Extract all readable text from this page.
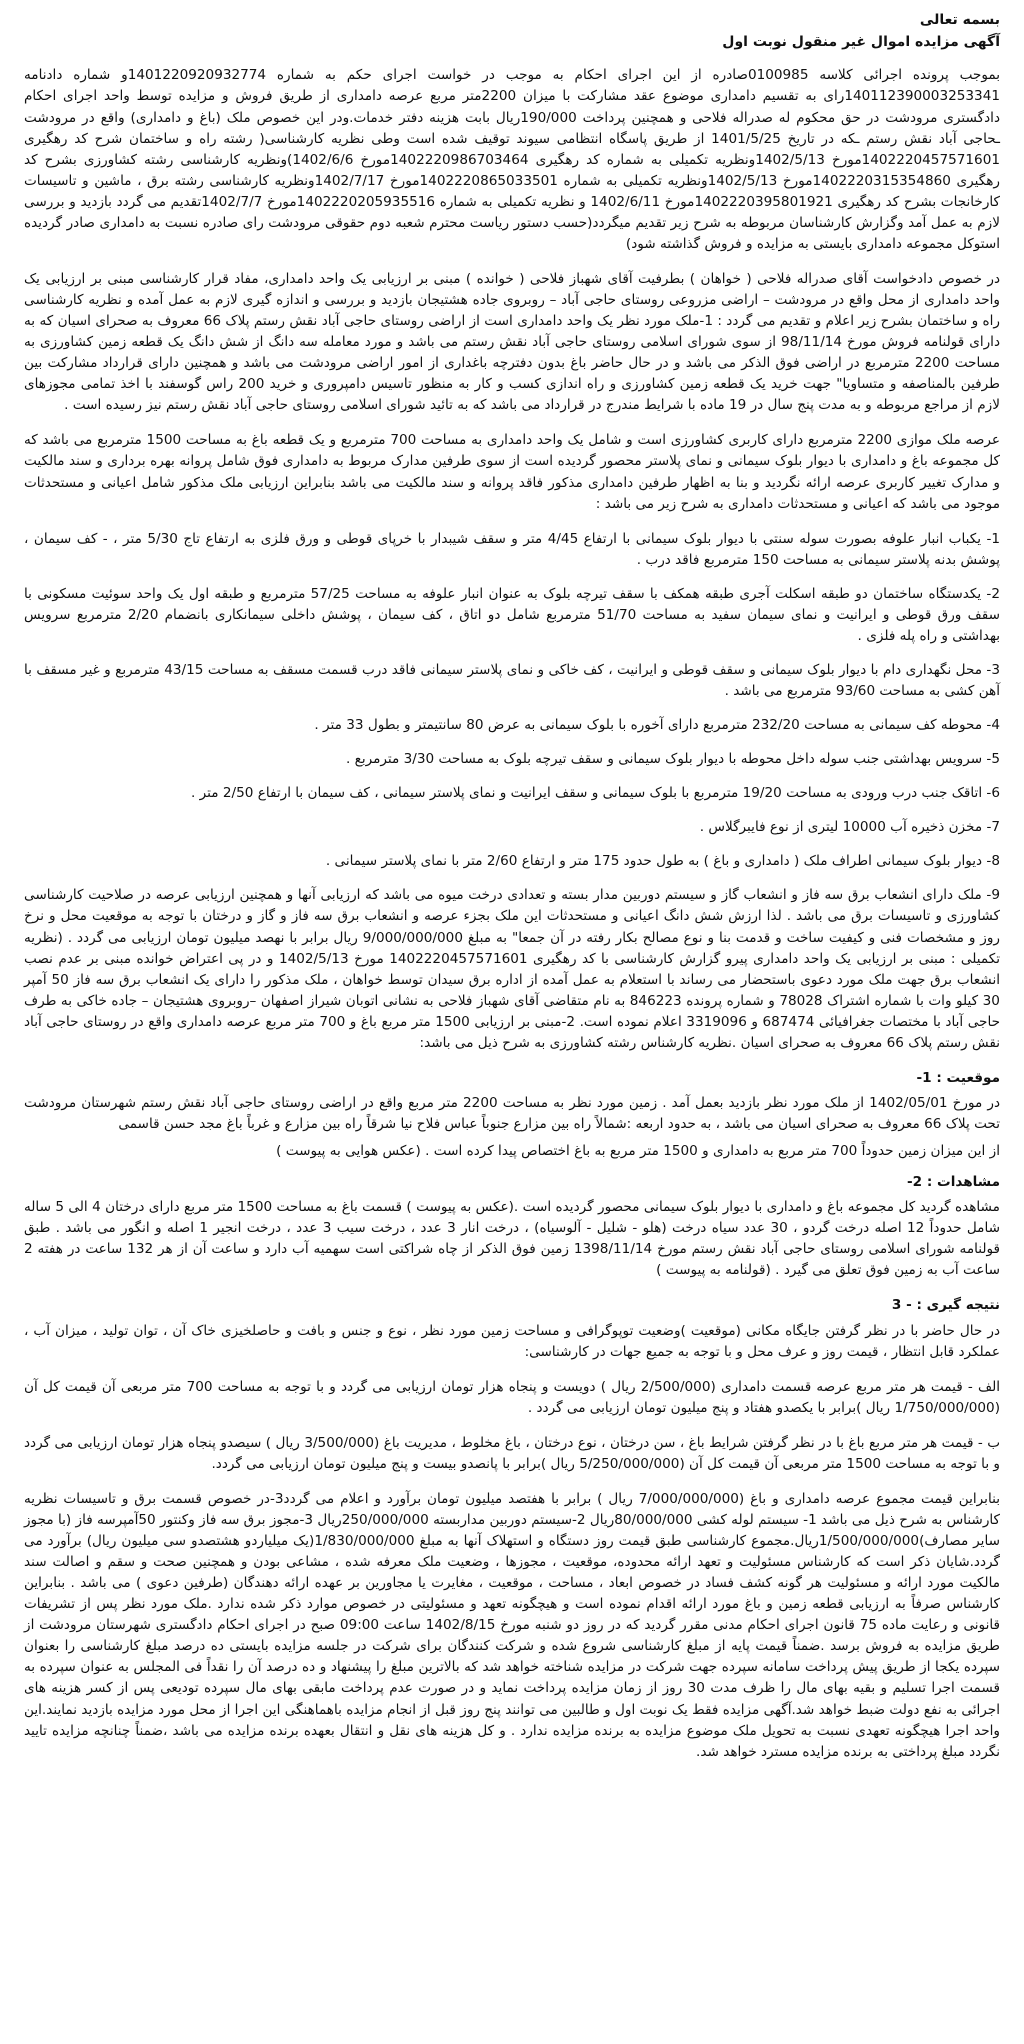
بسمه تعالی

آگهی مزایده اموال غیر منقول نوبت اول

بموجب پرونده اجرائی کلاسه 0100985صادره از این اجرای احکام به موجب در خواست اجرای حکم به شماره 140122092093277‌4و شماره دادنامه 140112390003253341رای به تقسیم دامداری موضوع عقد مشارکت با میزان 2200متر مربع عرصه دامداری از طریق فروش و مزایده توسط واحد اجرای احکام دادگستری مرودشت در حق محکوم له صدراله فلاحی و همچنین پرداخت 190/000ریال بابت هزینه دفتر خدمات.ودر این خصوص ملک (باغ و دامداری) واقع در مرودشت ـحاجی آباد نقش رستم ـکه در تاریخ 1401/5/25 از طریق پاسگاه انتظامی سیوند توقیف شده است وطی نظریه کارشناسی( رشته راه و ساختمان شرح کد رهگیری 1402220457571601مورخ 1402/5/13ونظریه تکمیلی به شماره کد رهگیری 1402220986703464مورخ 1402/6/6)ونظریه کارشناسی رشته کشاورزی بشرح کد رهگیری 1402220315354860مورخ 1402/5/13ونظریه تکمیلی به شماره 1402220865033501مورخ 1402/7/17ونظریه کارشناسی رشته برق ، ماشین و تاسیسات کارخانجات بشرح کد رهگیری 1402220395801921مورخ 1402/6/11 و نظریه تکمیلی به شماره 1402220205935516مورخ 1402/7/7تقدیم می گردد بازدید و بررسی لازم به عمل آمد وگزارش کارشناسان مربوطه به شرح زیر تقدیم میگردد(حسب دستور ریاست محترم شعبه دوم حقوقی مرودشت رای صادره نسبت به دامداری صادر گردیده استوکل مجموعه دامداری بایستی به مزایده و فروش گذاشته شود)

در خصوص دادخواست آقای صدراله فلاحی ( خواهان ) بطرفیت آقای شهباز فلاحی ( خوانده ) مبنی بر ارزیابی یک واحد دامداری، مفاد قرار کارشناسی مبنی بر ارزیابی یک واحد دامداری از محل واقع در مرودشت – اراضی مزروعی روستای حاجی آباد – روبروی جاده هشتیجان بازدید و بررسی و اندازه گیری لازم به عمل آمده و نظریه کارشناسی راه و ساختمان بشرح زیر اعلام و تقدیم می گردد : 1-ملک مورد نظر یک واحد دامداری است از اراضی روستای حاجی آباد نقش رستم پلاک 66 معروف به صحرای اسیان که به دارای قولنامه فروش مورخ 98/11/14 از سوی شورای اسلامی روستای حاجی آباد نقش رستم می باشد و مورد معامله سه دانگ از شش دانگ یک قطعه زمین کشاورزی به مساحت 2200 مترمربع در اراضی فوق الذکر می باشد و در حال حاضر باغ بدون دفترچه باغداری از امور اراضی مرودشت می باشد و همچنین دارای قرارداد مشارکت بین طرفین بالمناصفه و متساویا" جهت خرید یک قطعه زمین کشاورزی و راه اندازی کسب و کار به منظور تاسیس دامپروری و خرید 200 راس گوسفند با اخذ تمامی مجوزهای لازم از مراجع مربوطه و به مدت پنج سال در 19 ماده با شرایط مندرج در قرارداد می باشد که به تائید شورای اسلامی روستای حاجی آباد نقش رستم نیز رسیده است .

عرصه ملک موازی 2200 مترمربع دارای کاربری کشاورزی است و شامل یک واحد دامداری به مساحت 700 مترمربع و یک قطعه باغ به مساحت 1500 مترمربع می باشد که کل مجموعه باغ و دامداری با دیوار بلوک سیمانی و نمای پلاستر محصور گردیده است از سوی طرفین مدارک مربوط به دامداری فوق شامل پروانه بهره برداری و سند مالکیت و مدارک تغییر کاربری عرصه ارائه نگردید و بنا به اظهار طرفین دامداری مذکور فاقد پروانه و سند مالکیت می باشد بنابراین ارزیابی ملک مذکور شامل اعیانی و مستحدثات موجود می باشد که اعیانی و مستحدثات دامداری به شرح زیر می باشد :

1- یکباب انبار علوفه بصورت سوله سنتی با دیوار بلوک سیمانی با ارتفاع 4/45 متر و سقف شیبدار با خرپای قوطی و ورق فلزی به ارتفاع تاج 5/30 متر ، - کف سیمان ، پوشش بدنه پلاستر سیمانی به مساحت 150 مترمربع فاقد درب .

2- یکدستگاه ساختمان دو طبقه اسکلت آجری طبقه همکف با سقف تیرچه بلوک به عنوان انبار علوفه به مساحت 57/25 مترمربع و طبقه اول یک واحد سوئیت مسکونی با سقف ورق قوطی و ایرانیت و نمای سیمان سفید به مساحت 51/70 مترمربع شامل دو اتاق ، کف سیمان ، پوشش داخلی سیمانکاری بانضمام 2/20 مترمربع سرویس بهداشتی و راه پله فلزی .

3- محل نگهداری دام با دیوار بلوک سیمانی و سقف قوطی و ایرانیت ، کف خاکی و نمای پلاستر سیمانی فاقد درب قسمت مسقف به مساحت 43/15 مترمربع و غیر مسقف با آهن کشی به مساحت 93/60 مترمربع می باشد .

4- محوطه کف سیمانی به مساحت 232/20 مترمربع دارای آخوره با بلوک سیمانی به عرض 80 سانتیمتر و بطول 33 متر .

5- سرویس بهداشتی جنب سوله داخل محوطه با دیوار بلوک سیمانی و سقف تیرچه بلوک به مساحت 3/30 مترمربع .

6- اتاقک جنب درب ورودی به مساحت 19/20 مترمربع با بلوک سیمانی و سقف ایرانیت و نمای پلاستر سیمانی ، کف سیمان با ارتفاع 2/50 متر .

7- مخزن ذخیره آب 10000 لیتری از نوع فایبرگلاس .

8- دیوار بلوک سیمانی اطراف ملک ( دامداری و باغ ) به طول حدود 175 متر و ارتفاع 2/60 متر با نمای پلاستر سیمانی .

9- ملک دارای انشعاب برق سه فاز و انشعاب گاز و سیستم دوربین مدار بسته و تعدادی درخت میوه می باشد که ارزیابی آنها و همچنین ارزیابی عرصه در صلاحیت کارشناسی کشاورزی و تاسیسات برق می باشد . لذا ارزش شش دانگ اعیانی و مستحدثات این ملک بجزء عرصه و انشعاب برق سه فاز و گاز و درختان با توجه به موقعیت محل و نرخ روز و مشخصات فنی و کیفیت ساخت و قدمت بنا و نوع مصالح بکار رفته در آن جمعا" به مبلغ 9/000/000/000 ریال برابر با نهصد میلیون تومان ارزیابی می گردد . (نظریه تکمیلی : مبنی بر ارزیابی یک واحد دامداری پیرو گزارش کارشناسی با کد رهگیری 1402220457571601 مورخ 1402/5/13 و در پی اعتراض خوانده مبنی بر عدم نصب انشعاب برق جهت ملک مورد دعوی باستحضار می رساند با استعلام به عمل آمده از اداره برق سیدان توسط خواهان ، ملک مذکور را دارای یک انشعاب برق سه فاز 50 آمپر 30 کیلو وات با شماره اشتراک 78028 و شماره پرونده 846223 به نام متقاضی آقای شهباز فلاحی به نشانی اتوبان شیراز اصفهان –روبروی هشتیجان – جاده خاکی به طرف حاجی آباد با مختصات جغرافیائی 687474 و 3319096 اعلام نموده است. 2-مبنی بر ارزیابی 1500 متر مربع باغ و 700 متر مربع عرصه دامداری واقع در روستای حاجی آباد نقش رستم پلاک 66 معروف به صحرای اسیان .نظریه کارشناس رشته کشاورزی به شرح ذیل می باشد:

موقعیت : 1-

در مورخ 1402/05/01 از ملک مورد نظر بازدید بعمل آمد . زمین مورد نظر به مساحت 2200 متر مربع واقع در اراضی روستای حاجی آباد نقش رستم شهرستان مرودشت تحت پلاک 66 معروف به صحرای اسیان می باشد ، به حدود اربعه :شمالاً راه بین مزارع جنوباً عباس فلاح نیا شرقاً راه بین مزارع و غرباً باغ مجد حسن قاسمی

از این میزان زمین حدوداً 700 متر مربع به دامداری و 1500 متر مربع به باغ اختصاص پیدا کرده است . (عکس هوایی به پیوست )

مشاهدات : 2-

مشاهده گردید کل مجموعه باغ و دامداری با دیوار بلوک سیمانی محصور گردیده است .(عکس به پیوست ) قسمت باغ به مساحت 1500 متر مربع دارای درختان 4 الی 5 ساله شامل حدوداً 12 اصله درخت گردو ، 30 عدد سیاه درخت (هلو - شلیل - آلوسیاه) ، درخت انار 3 عدد ، درخت سیب 3 عدد ، درخت انجیر 1 اصله و انگور می باشد . طبق قولنامه شورای اسلامی روستای حاجی آباد نقش رستم مورخ 1398/11/14 زمین فوق الذکر از چاه شراکتی است سهمیه آب دارد و ساعت آن از هر 132 ساعت در هفته 2 ساعت آب به زمین فوق تعلق می گیرد . (قولنامه به پیوست )

نتیجه گیری : - 3

در حال حاضر با در نظر گرفتن جایگاه مکانی (موقعیت )وضعیت توپوگرافی و مساحت زمین مورد نظر ، نوع و جنس و بافت و حاصلخیزی خاک آن ، توان تولید ، میزان آب ، عملکرد قابل انتظار ، قیمت روز و عرف محل و با توجه به جمیع جهات در کارشناسی:

الف - قیمت هر متر مربع عرصه قسمت دامداری (2/500/000 ریال ) دویست و پنجاه هزار تومان ارزیابی می گردد و با توجه به مساحت 700 متر مربعی آن قیمت کل آن (1/750/000/000 ریال )برابر با یکصدو هفتاد و پنج میلیون تومان ارزیابی می گردد .

ب - قیمت هر متر مربع باغ با در نظر گرفتن شرایط باغ ، سن درختان ، نوع درختان ، باغ مخلوط ، مدیریت باغ (3/500/000 ریال ) سیصدو پنجاه هزار تومان ارزیابی می گردد و با توجه به مساحت 1500 متر مربعی آن قیمت کل آن (5/250/000/000 ریال )برابر با پانصدو بیست و پنج میلیون تومان ارزیابی می گردد.

بنابراین قیمت مجموع عرصه دامداری و باغ (7/000/000/000 ریال ) برابر با هفتصد میلیون تومان برآورد و اعلام می گردد3-در خصوص قسمت برق و تاسیسات نظریه کارشناس به شرح ذیل می باشد 1- سیستم لوله کشی 80/000/000ریال 2-سیستم دوربین مداربسته 250/000/000ریال 3-مجوز برق سه فاز وکنتور 50آمپرسه فاز (با مجوز سایر مصارف)1/500/000/000ریال.مجموع کارشناسی طبق قیمت روز دستگاه و استهلاک آنها به مبلغ 1/830/000/000(یک میلیاردو هشتصدو سی میلیون ریال) برآورد می گردد.شایان ذکر است که کارشناس مسئولیت و تعهد ارائه محدوده، موقعیت ، مجوزها ، وضعیت ملک معرفه شده ، مشاعی بودن و همچنین صحت و سقم و اصالت سند مالکیت مورد ارائه و مسئولیت هر گونه کشف فساد در خصوص ابعاد ، مساحت ، موقعیت ، مغایرت یا مجاورین بر عهده ارائه دهندگان (طرفین دعوی ) می باشد . بنابراین کارشناس صرفاً به ارزیابی قطعه زمین و باغ مورد ارائه اقدام نموده است و هیچگونه تعهد و مسئولیتی در خصوص موارد ذکر شده ندارد .ملک مورد نظر پس از تشریفات قانونی و رعایت ماده 75 قانون اجرای احکام مدنی مقرر گردید که در روز دو شنبه مورخ 1402/8/15 ساعت 09:00 صبح در اجرای احکام دادگستری شهرستان مرودشت از طریق مزایده به فروش برسد .ضمناً قیمت پایه از مبلغ کارشناسی شروع شده و شرکت کنندگان برای شرکت در جلسه مزایده بایستی ده درصد مبلغ کارشناسی را بعنوان سپرده یکجا از طریق پیش پرداخت سامانه سپرده جهت شرکت در مزایده شناخته خواهد شد که بالاترین مبلغ را پیشنهاد و ده درصد آن را نقداً فی المجلس به عنوان سپرده به قسمت اجرا تسلیم و بقیه بهای مال را ظرف مدت 30 روز از زمان مزایده پرداخت نماید و در صورت عدم پرداخت مابقی بهای مال سپرده تودیعی پس از کسر هزینه های اجرائی به نفع دولت ضبط خواهد شد.آگهی مزایده فقط یک نوبت اول و طالبین می توانند پنج روز قبل از انجام مزایده باهماهنگی این اجرا از محل مورد مزایده بازدید نمایند.این واحد اجرا هیچگونه تعهدی نسبت به تحویل ملک موضوع مزایده به برنده مزایده ندارد . و کل هزینه های نقل و انتقال بعهده برنده مزایده می باشد ،ضمناً چنانچه مزایده تایید نگردد مبلغ پرداختی به برنده مزایده مسترد خواهد شد.
